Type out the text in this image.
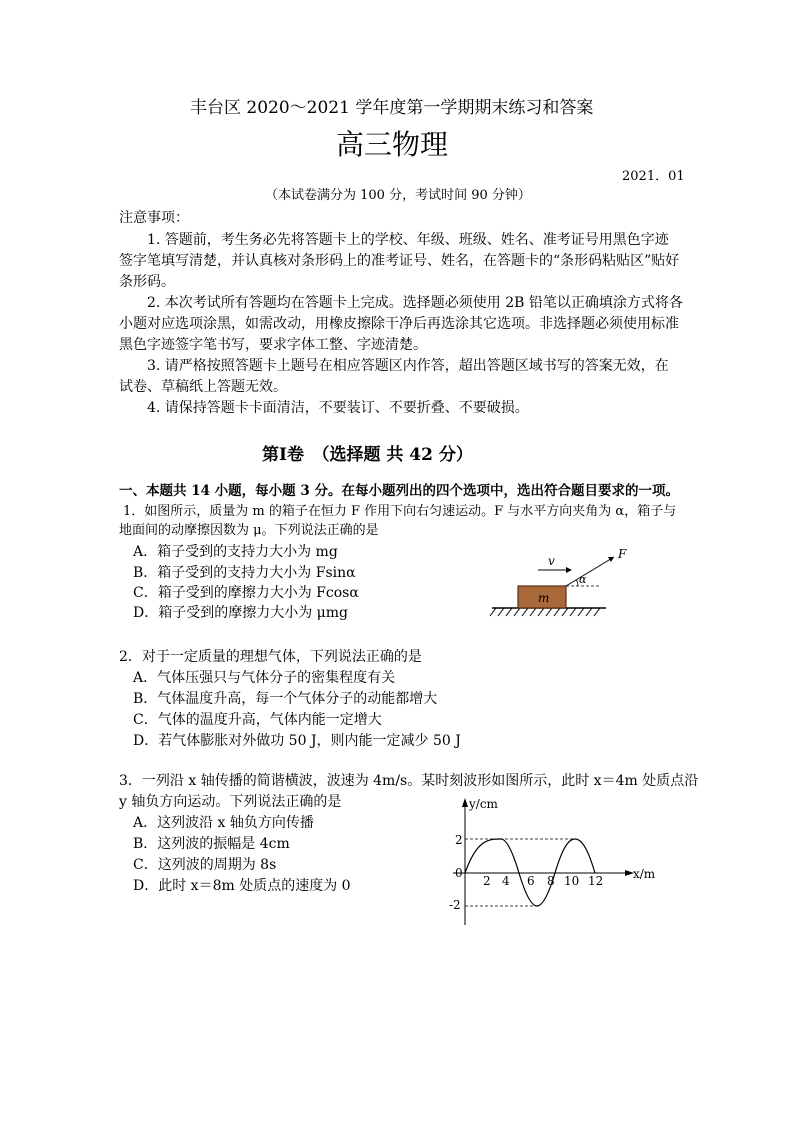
丰台区 2020～2021 学年度第一学期期末练习和答案
高三物理
2021．01
（本试卷满分为 100 分，考试时间 90 分钟）
注意事项：
1. 答题前，考生务必先将答题卡上的学校、年级、班级、姓名、准考证号用黑色字迹
签字笔填写清楚，并认真核对条形码上的准考证号、姓名，在答题卡的“条形码粘贴区”贴好
条形码。
2. 本次考试所有答题均在答题卡上完成。选择题必须使用 2B 铅笔以正确填涂方式将各
小题对应选项涂黑，如需改动，用橡皮擦除干净后再选涂其它选项。非选择题必须使用标准
黑色字迹签字笔书写，要求字体工整、字迹清楚。
3. 请严格按照答题卡上题号在相应答题区内作答，超出答题区域书写的答案无效，在
试卷、草稿纸上答题无效。
4. 请保持答题卡卡面清洁，不要装订、不要折叠、不要破损。
第Ⅰ卷　（选择题 共 42 分）
一、本题共 14 小题，每小题 3 分。在每小题列出的四个选项中，选出符合题目要求的一项。
1．如图所示，质量为 m 的箱子在恒力 F 作用下向右匀速运动。F 与水平方向夹角为 α，箱子与
地面间的动摩擦因数为 μ。下列说法正确的是
A．箱子受到的支持力大小为 mg
B．箱子受到的支持力大小为 Fsinα
C．箱子受到的摩擦力大小为 Fcosα
D．箱子受到的摩擦力大小为 μmg
m
v	F
α
2．对于一定质量的理想气体，下列说法正确的是
A．气体压强只与气体分子的密集程度有关
B．气体温度升高，每一个气体分子的动能都增大
C．气体的温度升高，气体内能一定增大
D．若气体膨胀对外做功 50 J，则内能一定减少 50 J
3．一列沿 x 轴传播的简谐横波，波速为 4m/s。某时刻波形如图所示，此时 x＝4m 处质点沿
y 轴负方向运动。下列说法正确的是
A．这列波沿 x 轴负方向传播
B．这列波的振幅是 4cm
C．这列波的周期为 8s
D．此时 x＝8m 处质点的速度为 0
y/cm
x/m
0
2
-2
2 4 6 8 10 12
